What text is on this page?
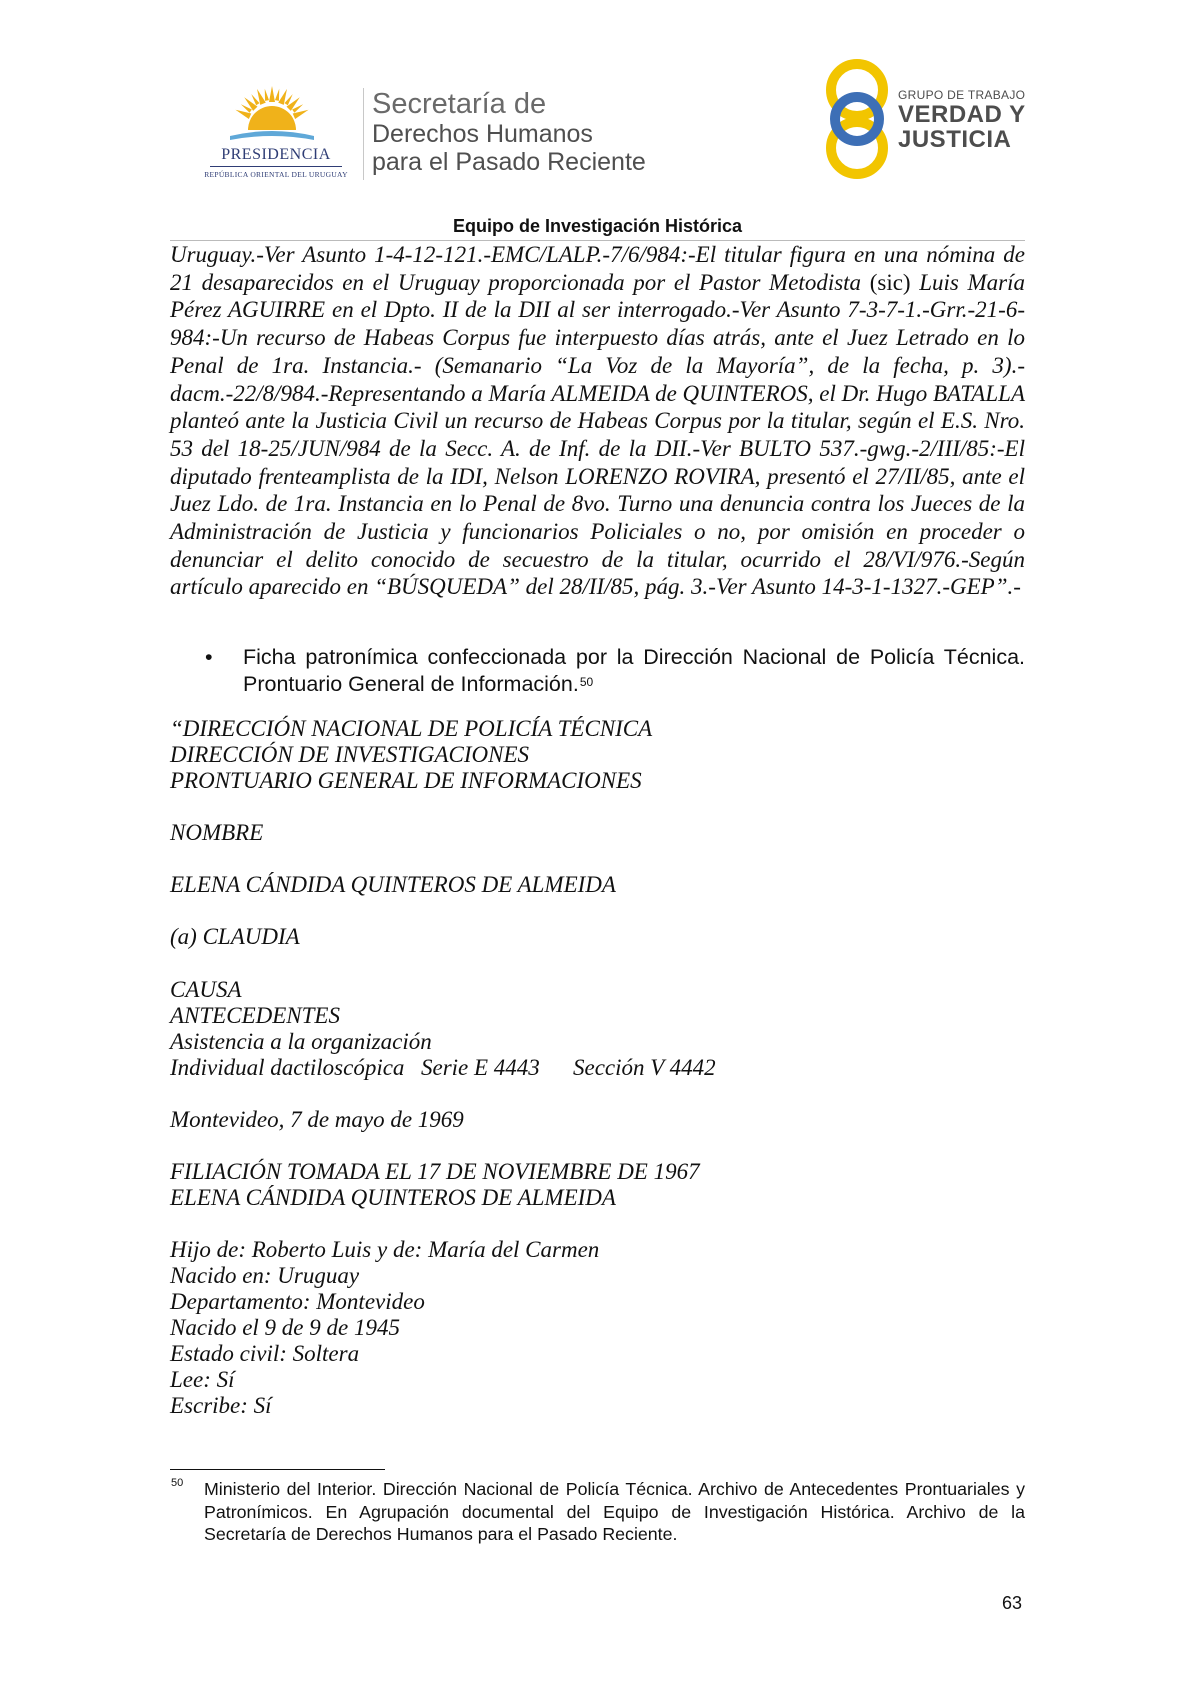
PRESIDENCIA
REPÚBLICA ORIENTAL DEL URUGUAY
Secretaría de
Derechos Humanos
para el Pasado Reciente
GRUPO DE TRABAJO
VERDAD Y
JUSTICIA
Equipo de Investigación Histórica

Uruguay.-Ver Asunto 1-4-12-121.-EMC/LALP.-7/6/984:-El titular figura en una nómina de 21 desaparecidos en el Uruguay proporcionada por el Pastor Metodista (sic) Luis María Pérez AGUIRRE en el Dpto. II de la DII al ser interrogado.-Ver Asunto 7-3-7-1.-Grr.-21-6-984:-Un recurso de Habeas Corpus fue interpuesto días atrás, ante el Juez Letrado en lo Penal de 1ra. Instancia.- (Semanario “La Voz de la Mayoría”, de la fecha, p. 3).-dacm.-22/8/984.-Representando a María ALMEIDA de QUINTEROS, el Dr. Hugo BATALLA planteó ante la Justicia Civil un recurso de Habeas Corpus por la titular, según el E.S. Nro. 53 del 18-25/JUN/984 de la Secc. A. de Inf. de la DII.-Ver BULTO 537.-gwg.-2/III/85:-El diputado frenteamplista de la IDI, Nelson LORENZO ROVIRA, presentó el 27/II/85, ante el Juez Ldo. de 1ra. Instancia en lo Penal de 8vo. Turno una denuncia contra los Jueces de la Administración de Justicia y funcionarios Policiales o no, por omisión en proceder o denunciar el delito conocido de secuestro de la titular, ocurrido el 28/VI/976.-Según artículo aparecido en “BÚSQUEDA” del 28/II/85, pág. 3.-Ver Asunto 14-3-1-1327.-GEP”.-

• Ficha patronímica confeccionada por la Dirección Nacional de Policía Técnica. Prontuario General de Información.$^{50}$
“DIRECCIÓN NACIONAL DE POLICÍA TÉCNICA
DIRECCIÓN DE INVESTIGACIONES
PRONTUARIO GENERAL DE INFORMACIONES
NOMBRE
ELENA CÁNDIDA QUINTEROS DE ALMEIDA
(a) CLAUDIA
CAUSA
ANTECEDENTES
Asistencia a la organización
Individual dactiloscópica Serie E 4443 Sección V 4442
Montevideo, 7 de mayo de 1969
FILIACIÓN TOMADA EL 17 DE NOVIEMBRE DE 1967
ELENA CÁNDIDA QUINTEROS DE ALMEIDA
Hijo de: Roberto Luis y de: María del Carmen
Nacido en: Uruguay
Departamento: Montevideo
Nacido el 9 de 9 de 1945
Estado civil: Soltera
Lee: Sí
Escribe: Sí
50 Ministerio del Interior. Dirección Nacional de Policía Técnica. Archivo de Antecedentes Prontuariales y Patronímicos. En Agrupación documental del Equipo de Investigación Histórica. Archivo de la Secretaría de Derechos Humanos para el Pasado Reciente.

63
